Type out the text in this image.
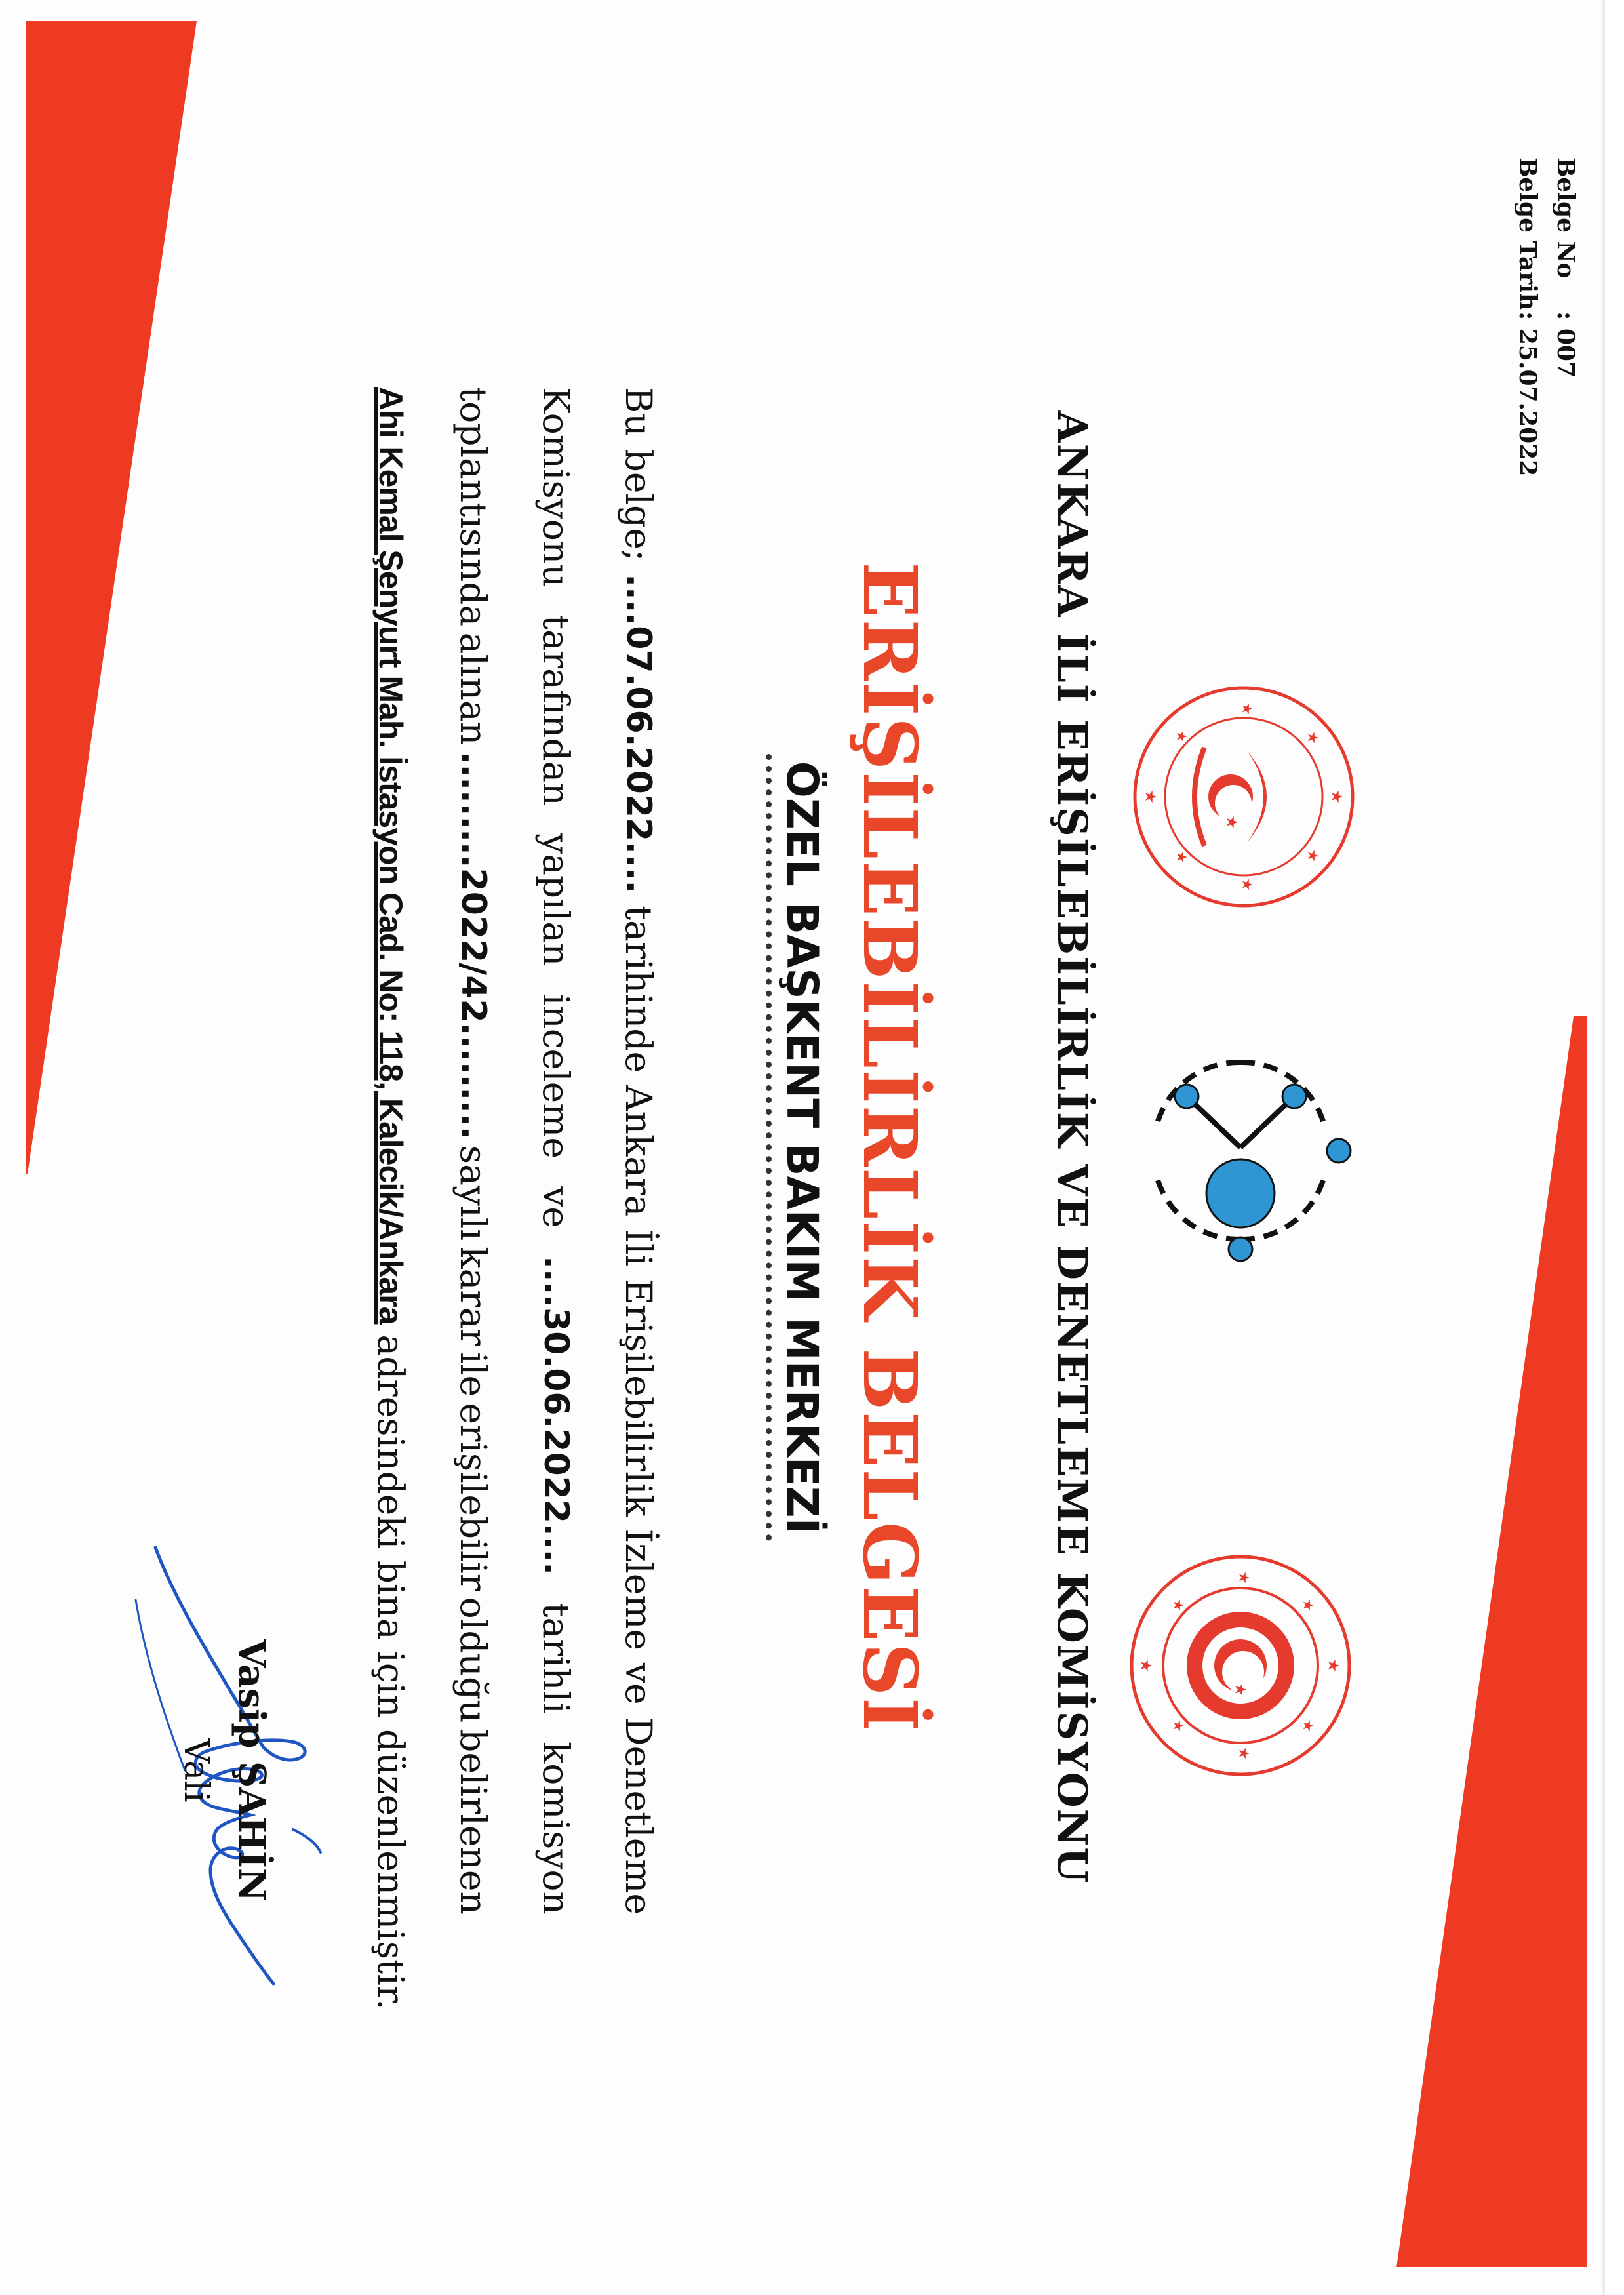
Belge No
: 007
Belge Tarih
: 25.07.2022
★
★
★
★
★
★
★
★
★
★
★
★
★
★
★
★
★
★
ANKARA İLİ ERİŞİLEBİLİRLİK VE DENETLEME KOMİSYONU
ERİŞİLEBİLİRLİK BELGESİ
ÖZEL BAŞKENT BAKIM MERKEZİ
Bu
belge;
....07.06.2022....
tarihinde
Ankara
İli
Erişilebilirlik
İzleme
ve
Denetleme
Komisyonu
tarafından
yapılan
inceleme
ve
....30.06.2022....
tarihli
komisyon
toplantısında
alınan
.........2022/42.........
sayılı
karar
ile
erişilebilir
olduğu
belirlenen
Ahi Kemal Şenyurt Mah. İstasyon Cad. No: 118, Kalecik/Ankara
adresindeki bina için düzenlenmiştir.
Vasip ŞAHİN
Vali
